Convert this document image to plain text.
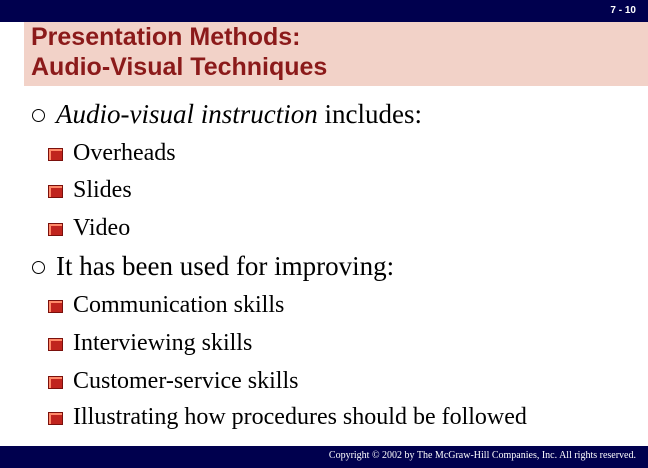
7 - 10
Presentation Methods:
Audio-Visual Techniques
Audio-visual instruction includes:
Overheads
Slides
Video
It has been used for improving:
Communication skills
Interviewing skills
Customer-service skills
Illustrating how procedures should be followed
Copyright © 2002 by The McGraw-Hill Companies, Inc. All rights reserved.
